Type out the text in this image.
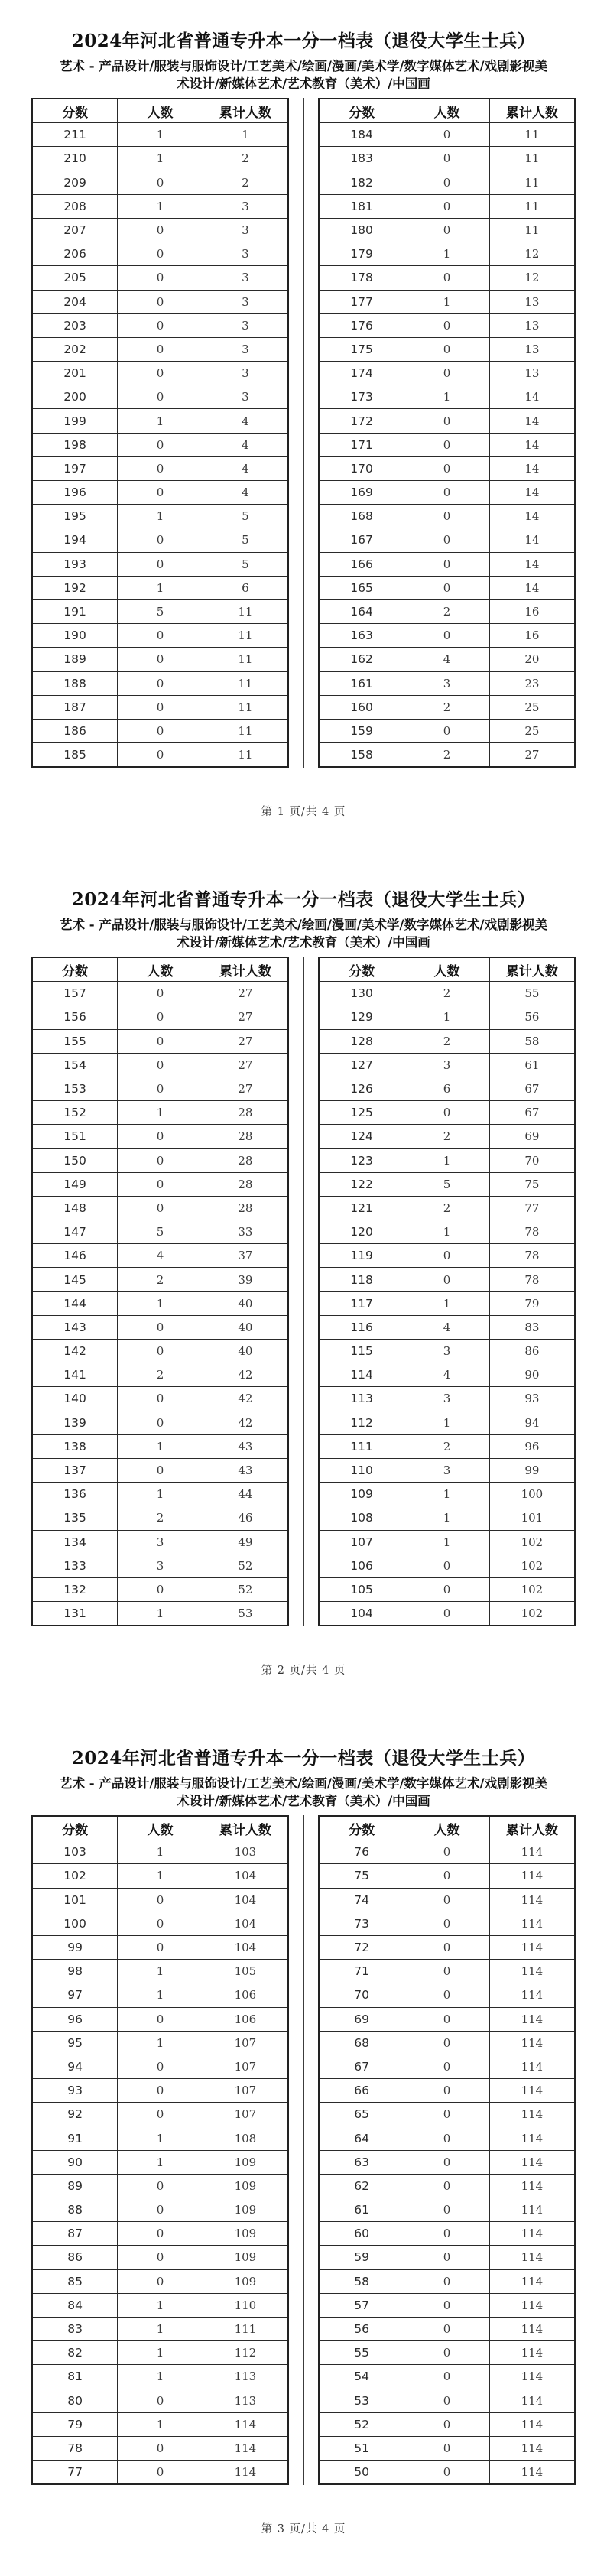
2024年河北省普通专升本一分一档表（退役大学生士兵）
艺术 - 产品设计/服装与服饰设计/工艺美术/绘画/漫画/美术学/数字媒体艺术/戏剧影视美
术设计/新媒体艺术/艺术教育（美术）/中国画
分数	人数	累计人数
211	1	1
210	1	2
209	0	2
208	1	3
207	0	3
206	0	3
205	0	3
204	0	3
203	0	3
202	0	3
201	0	3
200	0	3
199	1	4
198	0	4
197	0	4
196	0	4
195	1	5
194	0	5
193	0	5
192	1	6
191	5	11
190	0	11
189	0	11
188	0	11
187	0	11
186	0	11
185	0	11
分数	人数	累计人数
184	0	11
183	0	11
182	0	11
181	0	11
180	0	11
179	1	12
178	0	12
177	1	13
176	0	13
175	0	13
174	0	13
173	1	14
172	0	14
171	0	14
170	0	14
169	0	14
168	0	14
167	0	14
166	0	14
165	0	14
164	2	16
163	0	16
162	4	20
161	3	23
160	2	25
159	0	25
158	2	27
第 1 页/共 4 页
2024年河北省普通专升本一分一档表（退役大学生士兵）
艺术 - 产品设计/服装与服饰设计/工艺美术/绘画/漫画/美术学/数字媒体艺术/戏剧影视美
术设计/新媒体艺术/艺术教育（美术）/中国画
分数	人数	累计人数
157	0	27
156	0	27
155	0	27
154	0	27
153	0	27
152	1	28
151	0	28
150	0	28
149	0	28
148	0	28
147	5	33
146	4	37
145	2	39
144	1	40
143	0	40
142	0	40
141	2	42
140	0	42
139	0	42
138	1	43
137	0	43
136	1	44
135	2	46
134	3	49
133	3	52
132	0	52
131	1	53
分数	人数	累计人数
130	2	55
129	1	56
128	2	58
127	3	61
126	6	67
125	0	67
124	2	69
123	1	70
122	5	75
121	2	77
120	1	78
119	0	78
118	0	78
117	1	79
116	4	83
115	3	86
114	4	90
113	3	93
112	1	94
111	2	96
110	3	99
109	1	100
108	1	101
107	1	102
106	0	102
105	0	102
104	0	102
第 2 页/共 4 页
2024年河北省普通专升本一分一档表（退役大学生士兵）
艺术 - 产品设计/服装与服饰设计/工艺美术/绘画/漫画/美术学/数字媒体艺术/戏剧影视美
术设计/新媒体艺术/艺术教育（美术）/中国画
分数	人数	累计人数
103	1	103
102	1	104
101	0	104
100	0	104
99	0	104
98	1	105
97	1	106
96	0	106
95	1	107
94	0	107
93	0	107
92	0	107
91	1	108
90	1	109
89	0	109
88	0	109
87	0	109
86	0	109
85	0	109
84	1	110
83	1	111
82	1	112
81	1	113
80	0	113
79	1	114
78	0	114
77	0	114
分数	人数	累计人数
76	0	114
75	0	114
74	0	114
73	0	114
72	0	114
71	0	114
70	0	114
69	0	114
68	0	114
67	0	114
66	0	114
65	0	114
64	0	114
63	0	114
62	0	114
61	0	114
60	0	114
59	0	114
58	0	114
57	0	114
56	0	114
55	0	114
54	0	114
53	0	114
52	0	114
51	0	114
50	0	114
第 3 页/共 4 页
